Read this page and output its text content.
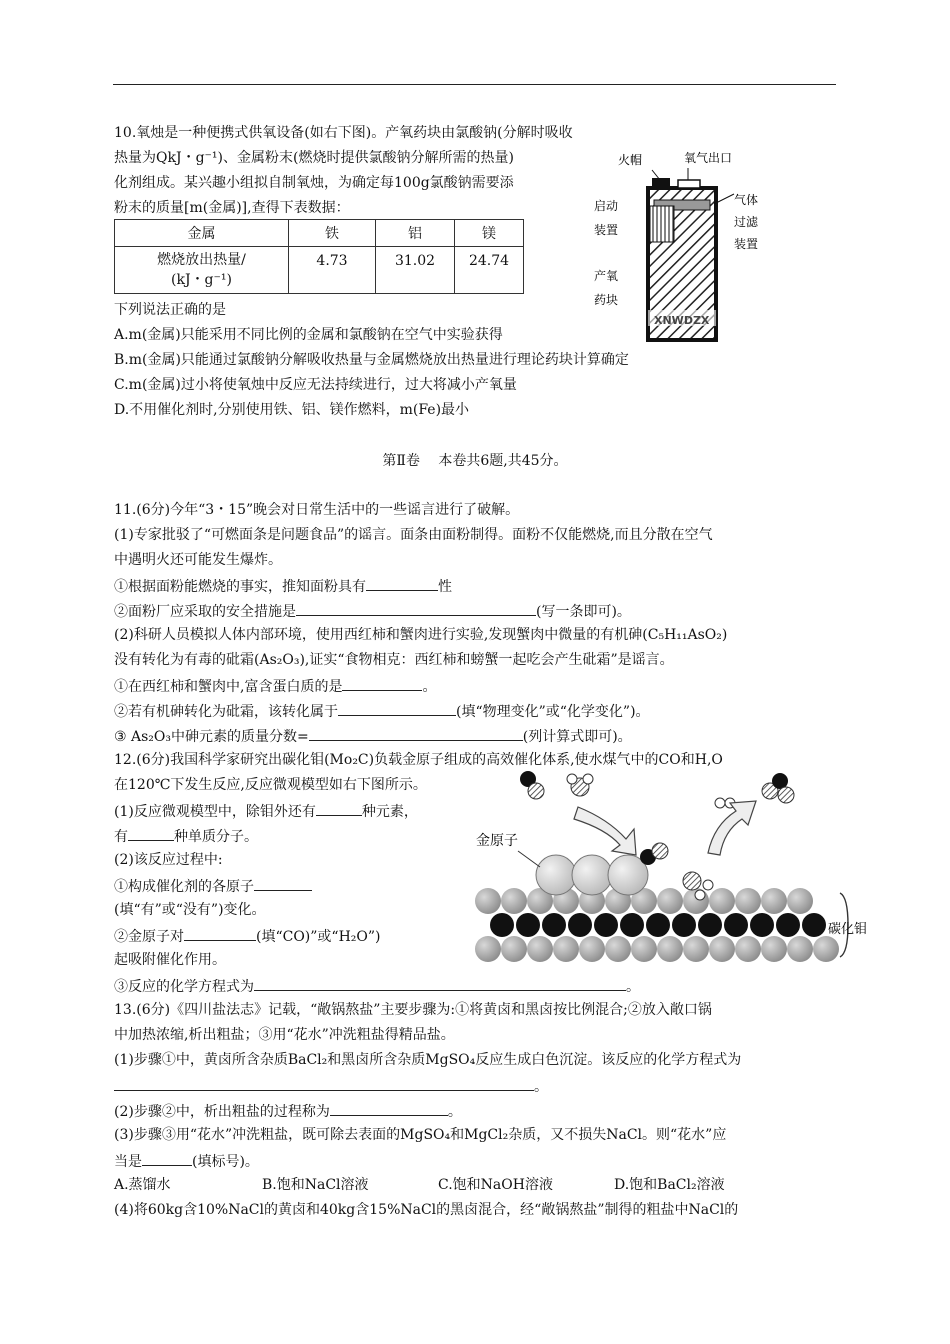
10.氧烛是一种便携式供氧设备(如右下图)。产氧药块由氯酸钠(分解时吸收
热量为QkJ・g⁻¹)、金属粉末(燃烧时提供氯酸钠分解所需的热量)
化剂组成。某兴趣小组拟自制氧烛，为确定每100g氯酸钠需要添
粉末的质量[m(金属)],查得下表数据：
金属	铁	铝	镁

燃烧放出热量/
(kJ・g⁻¹)	4.73	31.02	24.74
下列说法正确的是
A.m(金属)只能采用不同比例的金属和氯酸钠在空气中实验获得
B.m(金属)只能通过氯酸钠分解吸收热量与金属燃烧放出热量进行理论药块计算确定
C.m(金属)过小将使氧烛中反应无法持续进行，过大将减小产氧量
D.不用催化剂时,分别使用铁、铝、镁作燃料，m(Fe)最小
火帽	氧气出口
启动
装置
气体
过滤
装置
产氧
药块
XNWDZX
第Ⅱ卷　 本卷共6题,共45分。
11.(6分)今年“3・15”晚会对日常生活中的一些谣言进行了破解。
(1)专家批驳了“可燃面条是问题食品”的谣言。面条由面粉制得。面粉不仅能燃烧,而且分散在空气
中遇明火还可能发生爆炸。
①根据面粉能燃烧的事实，推知面粉具有	性
②面粉厂应采取的安全措施是	(写一条即可)。
(2)科研人员模拟人体内部环境，使用西红柿和蟹肉进行实验,发现蟹肉中微量的有机砷(C₅H₁₁AsO₂)
没有转化为有毒的砒霜(As₂O₃),证实“食物相克：西红柿和螃蟹一起吃会产生砒霜”是谣言。
①在西红柿和蟹肉中,富含蛋白质的是	。
②若有机砷转化为砒霜，该转化属于	(填“物理变化”或“化学变化”)。
③ As₂O₃中砷元素的质量分数=	(列计算式即可)。
12.(6分)我国科学家研究出碳化钼(Mo₂C)负载金原子组成的高效催化体系,使水煤气中的CO和H,O
在120℃下发生反应,反应微观模型如右下图所示。
(1)反应微观模型中，除钼外还有	种元素，
有	种单质分子。
(2)该反应过程中:
①构成催化剂的各原子
(填“有”或“没有”)变化。
②金原子对	(填“CO)”或“H₂O”)
起吸附催化作用。
③反应的化学方程式为	。
金原子
碳化钼
13.(6分)《四川盐法志》记载，“敞锅熬盐”主要步骤为:①将黄卤和黑卤按比例混合;②放入敞口锅
中加热浓缩,析出粗盐；③用“花水”冲洗粗盐得精品盐。
(1)步骤①中，黄卤所含杂质BaCl₂和黑卤所含杂质MgSO₄反应生成白色沉淀。该反应的化学方程式为
。
(2)步骤②中，析出粗盐的过程称为	。
(3)步骤③用“花水”冲洗粗盐，既可除去表面的MgSO₄和MgCl₂杂质，又不损失NaCl。则“花水”应
当是	(填标号)。
A.蒸馏水	B.饱和NaCl溶液	C.饱和NaOH溶液	D.饱和BaCl₂溶液
(4)将60kg含10%NaCl的黄卤和40kg含15%NaCl的黑卤混合，经“敞锅熬盐”制得的粗盐中NaCl的
